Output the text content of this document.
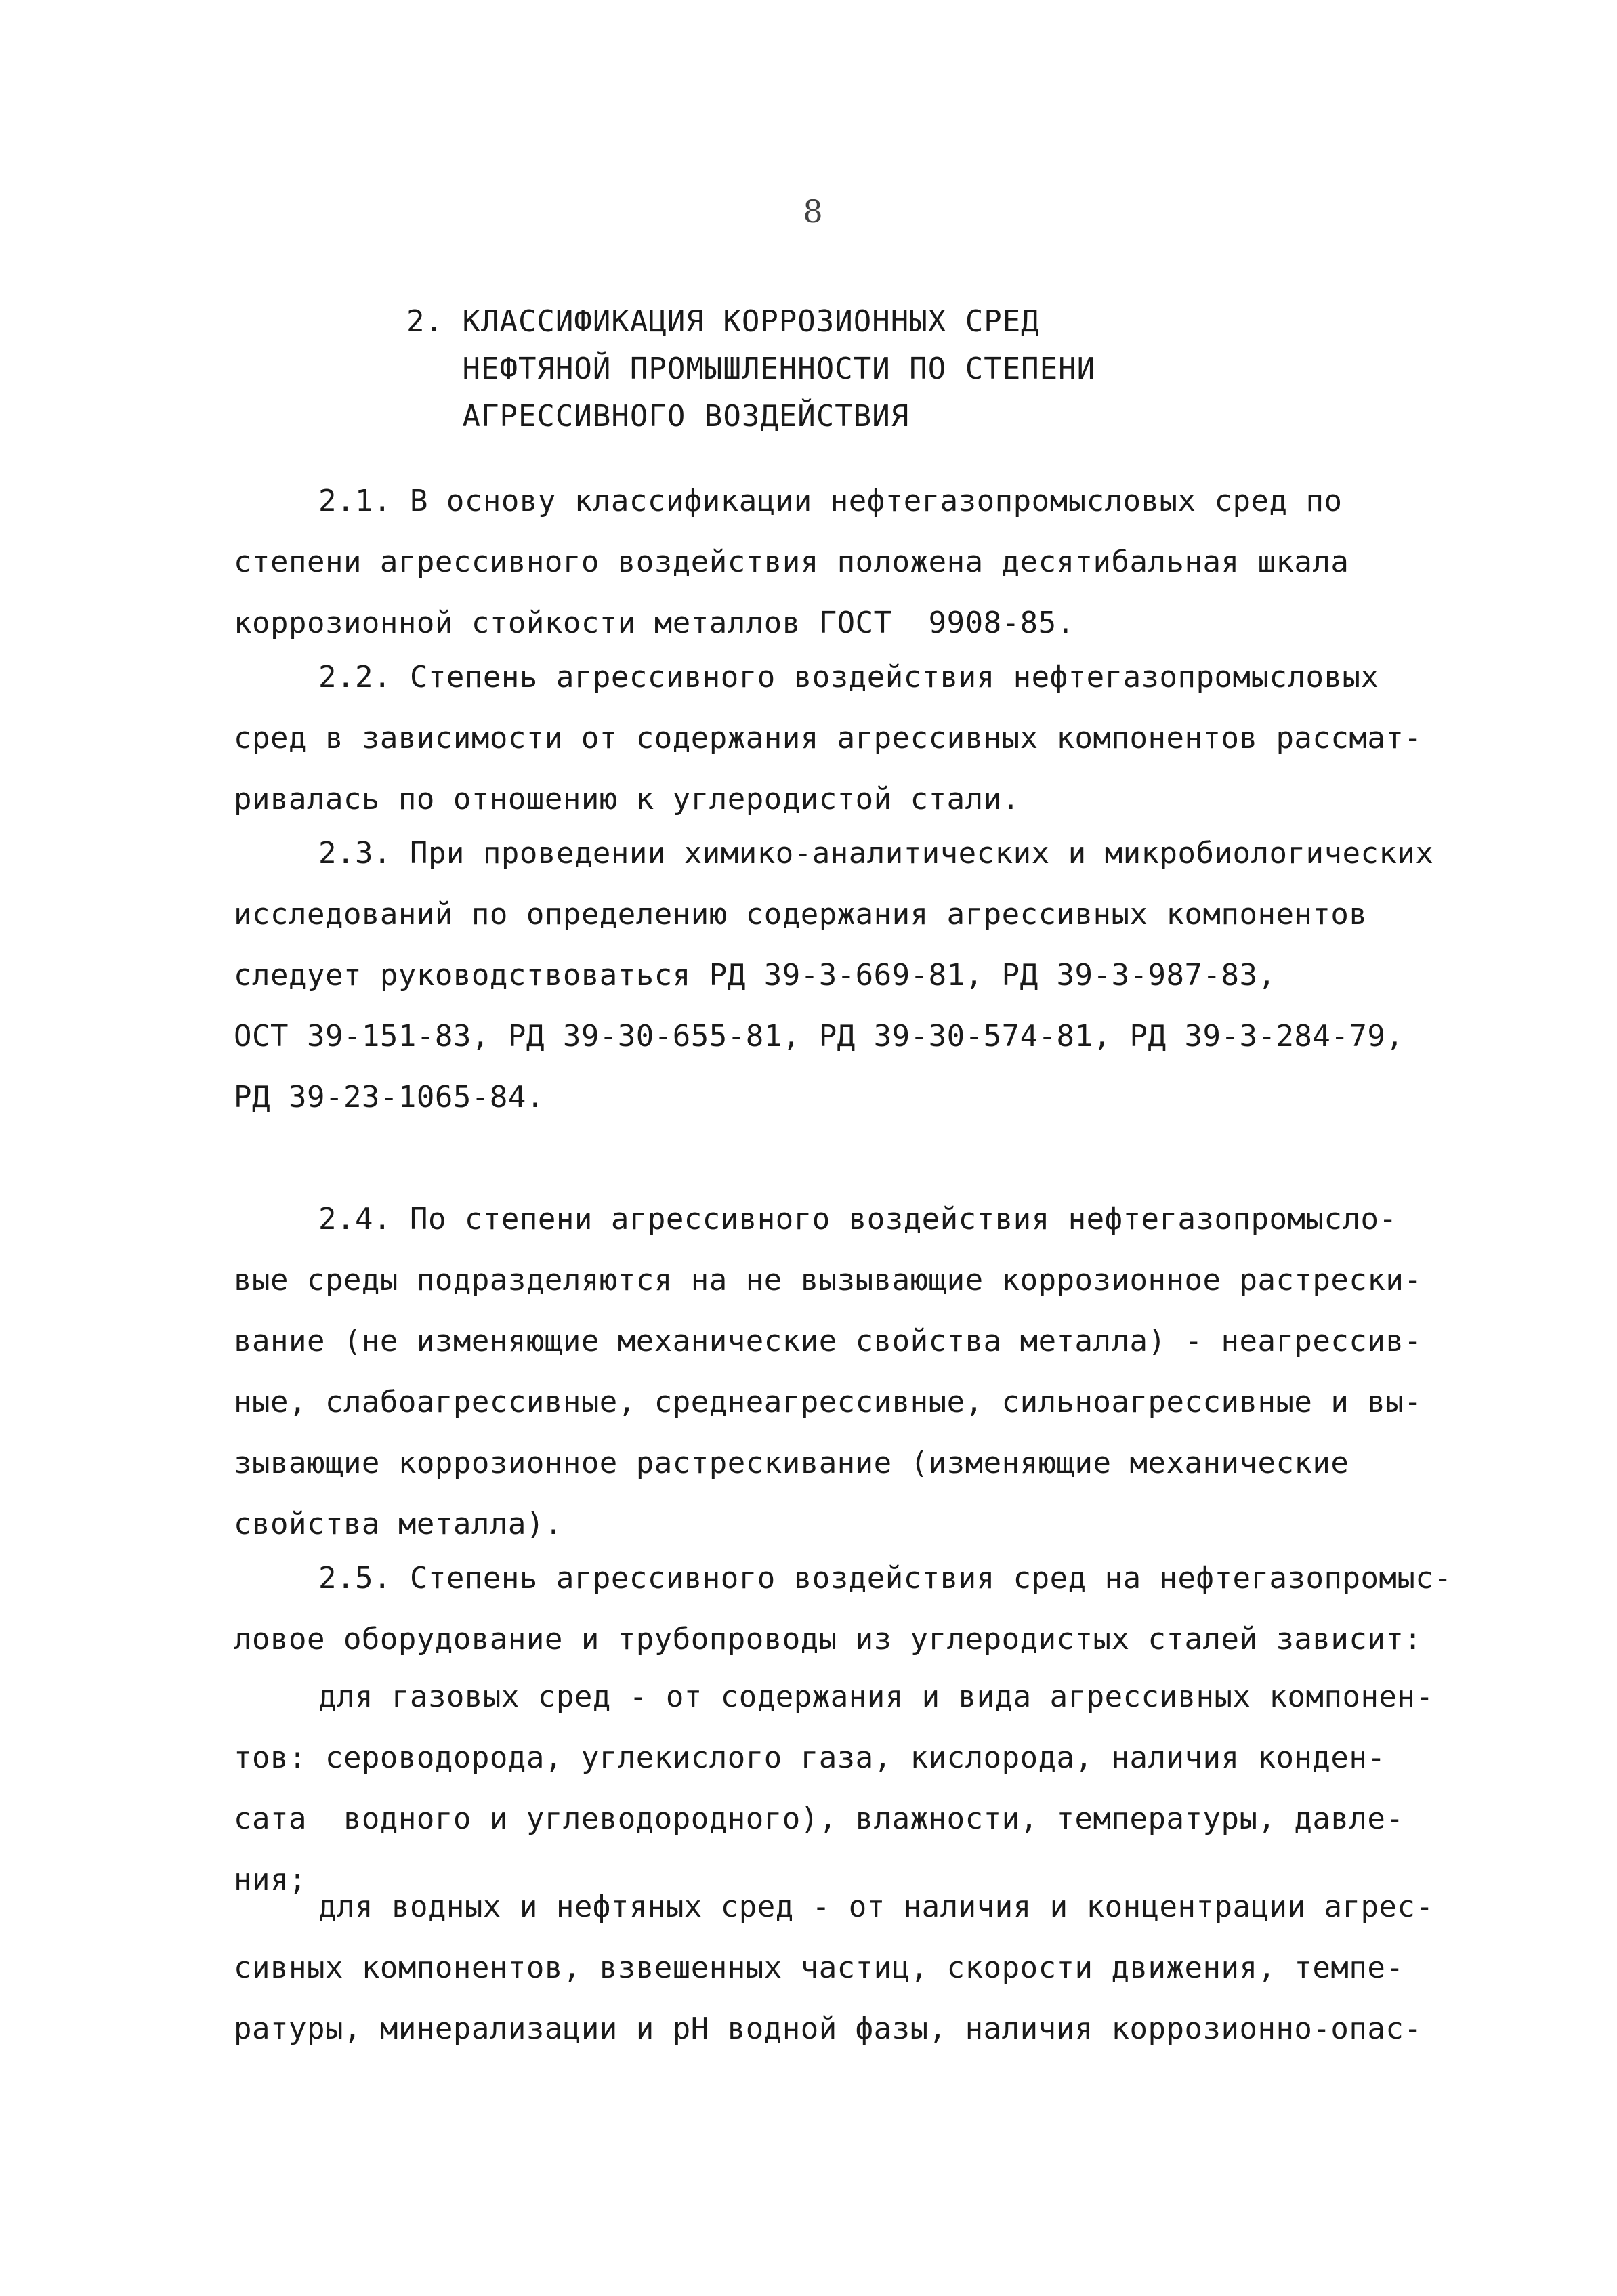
8
2. КЛАССИФИКАЦИЯ КОРРОЗИОННЫХ СРЕД
НЕФТЯНОЙ ПРОМЫШЛЕННОСТИ ПО СТЕПЕНИ
АГРЕССИВНОГО ВОЗДЕЙСТВИЯ
2.1. В основу классификации нефтегазопромысловых сред по
степени агрессивного воздействия положена десятибальная шкала
коррозионной стойкости металлов ГОСТ  9908-85.
2.2. Степень агрессивного воздействия нефтегазопромысловых
сред в зависимости от содержания агрессивных компонентов рассмат-
ривалась по отношению к углеродистой стали.
2.3. При проведении химико-аналитических и микробиологических
исследований по определению содержания агрессивных компонентов
следует руководствоваться РД 39-3-669-81, РД 39-3-987-83,
ОСТ 39-151-83, РД 39-30-655-81, РД 39-30-574-81, РД 39-3-284-79,
РД 39-23-1065-84.
2.4. По степени агрессивного воздействия нефтегазопромысло-
вые среды подразделяются на не вызывающие коррозионное растрески-
вание (не изменяющие механические свойства металла) - неагрессив-
ные, слабоагрессивные, среднеагрессивные, сильноагрессивные и вы-
зывающие коррозионное растрескивание (изменяющие механические
свойства металла).
2.5. Степень агрессивного воздействия сред на нефтегазопромыс-
ловое оборудование и трубопроводы из углеродистых сталей зависит:
для газовых сред - от содержания и вида агрессивных компонен-
тов: сероводорода, углекислого газа, кислорода, наличия конден-
сата  водного и углеводородного), влажности, температуры, давле-
ния;
для водных и нефтяных сред - от наличия и концентрации агрес-
сивных компонентов, взвешенных частиц, скорости движения, темпе-
ратуры, минерализации и рН водной фазы, наличия коррозионно-опас-
